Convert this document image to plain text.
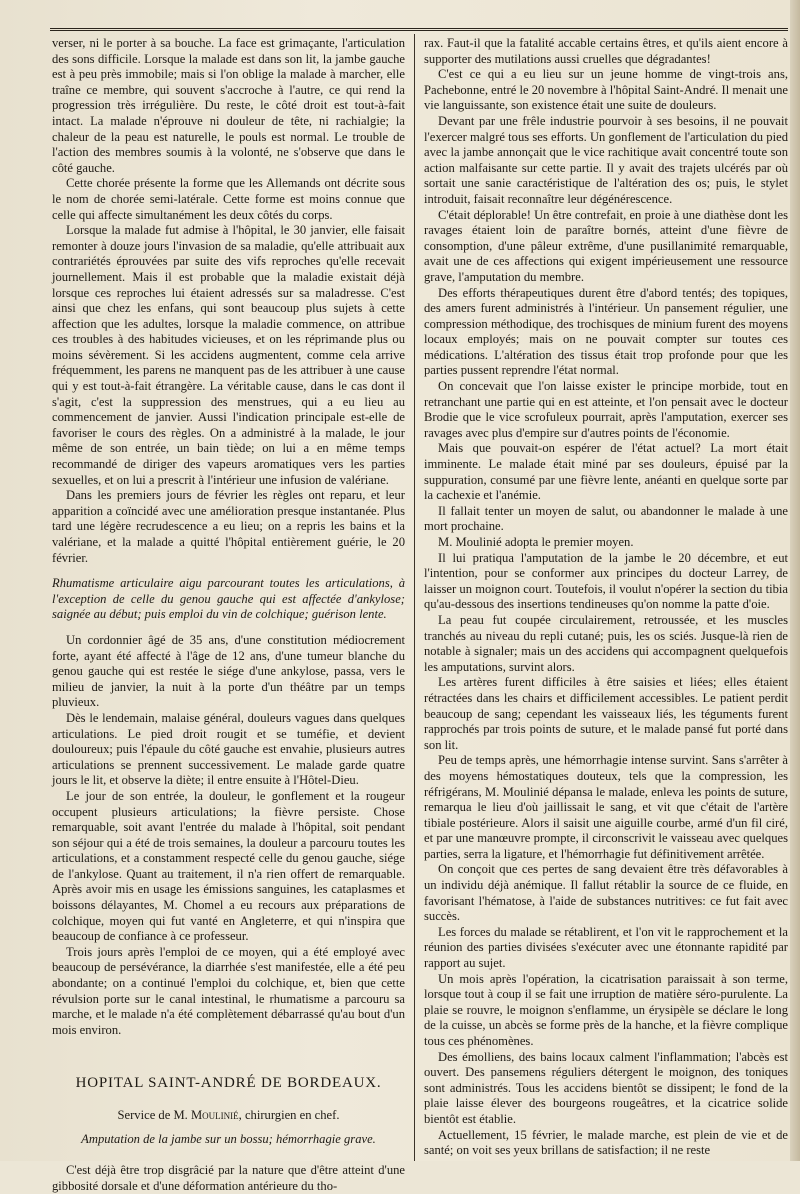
verser, ni le porter à sa bouche. La face est grimaçante, l'articulation des sons difficile. Lorsque la malade est dans son lit, la jambe gauche est à peu près immobile; mais si l'on oblige la malade à marcher, elle traîne ce membre, qui souvent s'accroche à l'autre, ce qui rend la progression très irrégulière. Du reste, le côté droit est tout-à-fait intact. La malade n'éprouve ni douleur de tête, ni rachialgie; la chaleur de la peau est naturelle, le pouls est normal. Le trouble de l'action des membres soumis à la volonté, ne s'observe que dans le côté gauche.

Cette chorée présente la forme que les Allemands ont décrite sous le nom de chorée semi-latérale. Cette forme est moins connue que celle qui affecte simultanément les deux côtés du corps.

Lorsque la malade fut admise à l'hôpital, le 30 janvier, elle faisait remonter à douze jours l'invasion de sa maladie, qu'elle attribuait aux contrariétés éprouvées par suite des vifs reproches qu'elle recevait journellement. Mais il est probable que la maladie existait déjà lorsque ces reproches lui étaient adressés sur sa maladresse. C'est ainsi que chez les enfans, qui sont beaucoup plus sujets à cette affection que les adultes, lorsque la maladie commence, on attribue ces troubles à des habitudes vicieuses, et on les réprimande plus ou moins sévèrement. Si les accidens augmentent, comme cela arrive fréquemment, les parens ne manquent pas de les attribuer à une cause qui y est tout-à-fait étrangère. La véritable cause, dans le cas dont il s'agit, c'est la suppression des menstrues, qui a eu lieu au commencement de janvier. Aussi l'indication principale est-elle de favoriser le cours des règles. On a administré à la malade, le jour même de son entrée, un bain tiède; on lui a en même temps recommandé de diriger des vapeurs aromatiques vers les parties sexuelles, et on lui a prescrit à l'intérieur une infusion de valériane.

Dans les premiers jours de février les règles ont reparu, et leur apparition a coïncidé avec une amélioration presque instantanée. Plus tard une légère recrudescence a eu lieu; on a repris les bains et la valériane, et la malade a quitté l'hôpital entièrement guérie, le 20 février.

Rhumatisme articulaire aigu parcourant toutes les articulations, à l'exception de celle du genou gauche qui est affectée d'ankylose; saignée au début; puis emploi du vin de colchique; guérison lente.

Un cordonnier âgé de 35 ans, d'une constitution médiocrement forte, ayant été affecté à l'âge de 12 ans, d'une tumeur blanche du genou gauche qui est restée le siége d'une ankylose, passa, vers le milieu de janvier, la nuit à la porte d'un théâtre par un temps pluvieux.

Dès le lendemain, malaise général, douleurs vagues dans quelques articulations. Le pied droit rougit et se tuméfie, et devient douloureux; puis l'épaule du côté gauche est envahie, plusieurs autres articulations se prennent successivement. Le malade garde quatre jours le lit, et observe la diète; il entre ensuite à l'Hôtel-Dieu.

Le jour de son entrée, la douleur, le gonflement et la rougeur occupent plusieurs articulations; la fièvre persiste. Chose remarquable, soit avant l'entrée du malade à l'hôpital, soit pendant son séjour qui a été de trois semaines, la douleur a parcouru toutes les articulations, et a constamment respecté celle du genou gauche, siége de l'ankylose. Quant au traitement, il n'a rien offert de remarquable. Après avoir mis en usage les émissions sanguines, les cataplasmes et boissons délayantes, M. Chomel a eu recours aux préparations de colchique, moyen qui fut vanté en Angleterre, et qui n'inspira que beaucoup de confiance à ce professeur.

Trois jours après l'emploi de ce moyen, qui a été employé avec beaucoup de persévérance, la diarrhée s'est manifestée, elle a été peu abondante; on a continué l'emploi du colchique, et, bien que cette révulsion porte sur le canal intestinal, le rhumatisme a parcouru sa marche, et le malade n'a été complètement débarrassé qu'au bout d'un mois environ.

HOPITAL SAINT-ANDRÉ DE BORDEAUX.

Service de M. Moulinié, chirurgien en chef.

Amputation de la jambe sur un bossu; hémorrhagie grave.

C'est déjà être trop disgrâcié par la nature que d'être atteint d'une gibbosité dorsale et d'une déformation antérieure du tho-

rax. Faut-il que la fatalité accable certains êtres, et qu'ils aient encore à supporter des mutilations aussi cruelles que dégradantes!

C'est ce qui a eu lieu sur un jeune homme de vingt-trois ans, Pachebonne, entré le 20 novembre à l'hôpital Saint-André. Il menait une vie languissante, son existence était une suite de douleurs.

Devant par une frêle industrie pourvoir à ses besoins, il ne pouvait l'exercer malgré tous ses efforts. Un gonflement de l'articulation du pied avec la jambe annonçait que le vice rachitique avait concentré toute son action malfaisante sur cette partie. Il y avait des trajets ulcérés par où sortait une sanie caractéristique de l'altération des os; puis, le stylet introduit, faisait reconnaître leur dégénérescence.

C'était déplorable! Un être contrefait, en proie à une diathèse dont les ravages étaient loin de paraître bornés, atteint d'une fièvre de consomption, d'une pâleur extrême, d'une pusillanimité remarquable, avait une de ces affections qui exigent impérieusement une ressource grave, l'amputation du membre.

Des efforts thérapeutiques durent être d'abord tentés; des topiques, des amers furent administrés à l'intérieur. Un pansement régulier, une compression méthodique, des trochisques de minium furent des moyens locaux employés; mais on ne pouvait compter sur toutes ces médications. L'altération des tissus était trop profonde pour que les parties pussent reprendre l'état normal.

On concevait que l'on laisse exister le principe morbide, tout en retranchant une partie qui en est atteinte, et l'on pensait avec le docteur Brodie que le vice scrofuleux pourrait, après l'amputation, exercer ses ravages avec plus d'empire sur d'autres points de l'économie.

Mais que pouvait-on espérer de l'état actuel? La mort était imminente. Le malade était miné par ses douleurs, épuisé par la suppuration, consumé par une fièvre lente, anéanti en quelque sorte par la cachexie et l'anémie.

Il fallait tenter un moyen de salut, ou abandonner le malade à une mort prochaine.

M. Moulinié adopta le premier moyen.

Il lui pratiqua l'amputation de la jambe le 20 décembre, et eut l'intention, pour se conformer aux principes du docteur Larrey, de laisser un moignon court. Toutefois, il voulut n'opérer la section du tibia qu'au-dessous des insertions tendineuses qu'on nomme la patte d'oie.

La peau fut coupée circulairement, retroussée, et les muscles tranchés au niveau du repli cutané; puis, les os sciés. Jusque-là rien de notable à signaler; mais un des accidens qui accompagnent quelquefois les amputations, survint alors.

Les artères furent difficiles à être saisies et liées; elles étaient rétractées dans les chairs et difficilement accessibles. Le patient perdit beaucoup de sang; cependant les vaisseaux liés, les téguments furent rapprochés par trois points de suture, et le malade pansé fut porté dans son lit.

Peu de temps après, une hémorrhagie intense survint. Sans s'arrêter à des moyens hémostatiques douteux, tels que la compression, les réfrigérans, M. Moulinié dépansa le malade, enleva les points de suture, remarqua le lieu d'où jaillissait le sang, et vit que c'était de l'artère tibiale postérieure. Alors il saisit une aiguille courbe, armé d'un fil ciré, et par une manœuvre prompte, il circonscrivit le vaisseau avec quelques parties, serra la ligature, et l'hémorrhagie fut définitivement arrêtée.

On conçoit que ces pertes de sang devaient être très défavorables à un individu déjà anémique. Il fallut rétablir la source de ce fluide, en favorisant l'hématose, à l'aide de substances nutritives: ce fut fait avec succès.

Les forces du malade se rétablirent, et l'on vit le rapprochement et la réunion des parties divisées s'exécuter avec une étonnante rapidité par rapport au sujet.

Un mois après l'opération, la cicatrisation paraissait à son terme, lorsque tout à coup il se fait une irruption de matière séro-purulente. La plaie se rouvre, le moignon s'enflamme, un érysipèle se déclare le long de la cuisse, un abcès se forme près de la hanche, et la fièvre complique tous ces phénomènes.

Des émolliens, des bains locaux calment l'inflammation; l'abcès est ouvert. Des pansemens réguliers détergent le moignon, des toniques sont administrés. Tous les accidens bientôt se dissipent; le fond de la plaie laisse élever des bourgeons rougeâtres, et la cicatrice solide bientôt est établie.

Actuellement, 15 février, le malade marche, est plein de vie et de santé; on voit ses yeux brillans de satisfaction; il ne reste
